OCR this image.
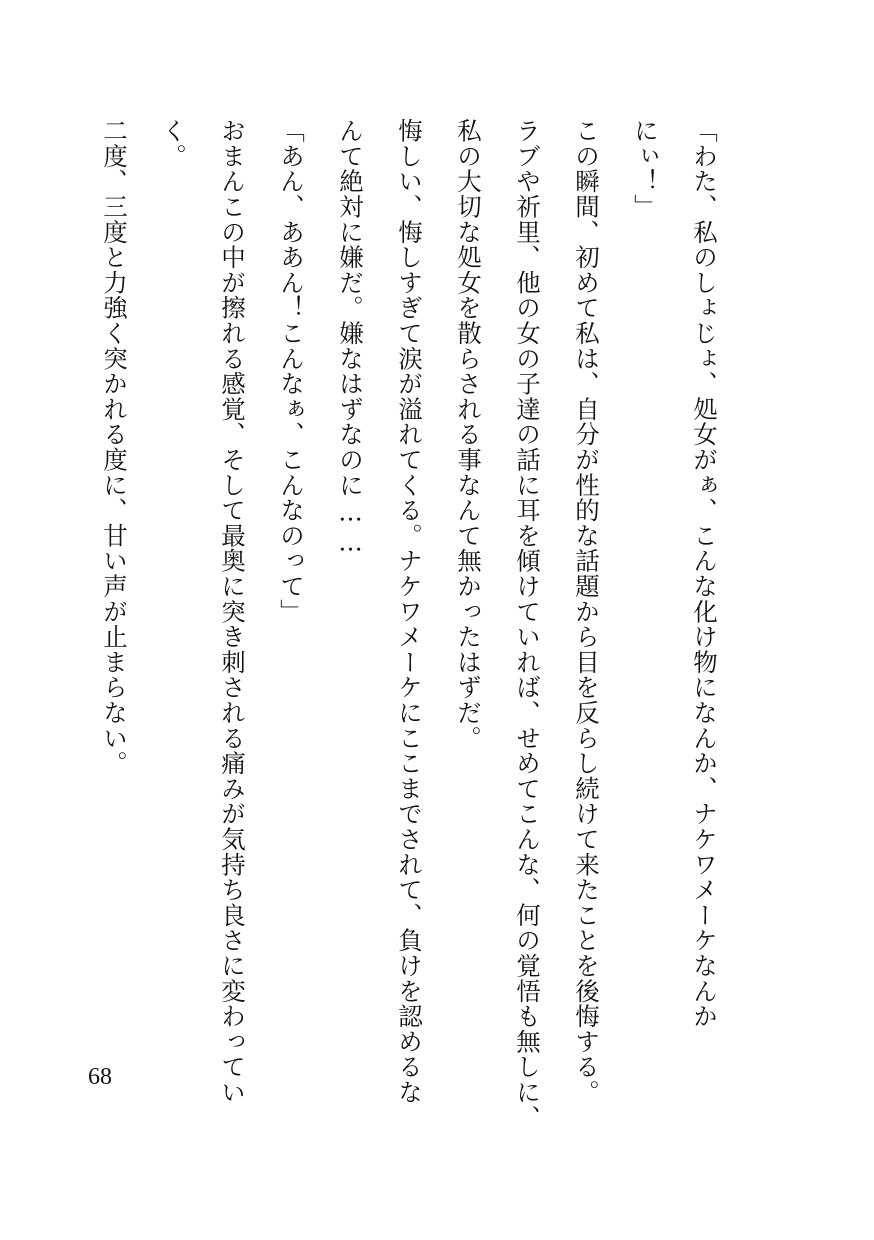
「わた、私のしょじょ、処女がぁ、こんな化け物になんか、ナケワメーケなんか
にぃ！」
この瞬間、初めて私は、自分が性的な話題から目を反らし続けて来たことを後悔する。
ラブや祈里、他の女の子達の話に耳を傾けていれば、せめてこんな、何の覚悟も無しに、
私の大切な処女を散らされる事なんて無かったはずだ。
悔しい、悔しすぎて涙が溢れてくる。ナケワメーケにここまでされて、負けを認めるな
んて絶対に嫌だ。嫌なはずなのに……
「あん、ああん！こんなぁ、こんなのって」
おまんこの中が擦れる感覚、そして最奥に突き刺される痛みが気持ち良さに変わってい
く。
二度、三度と力強く突かれる度に、甘い声が止まらない。
68
